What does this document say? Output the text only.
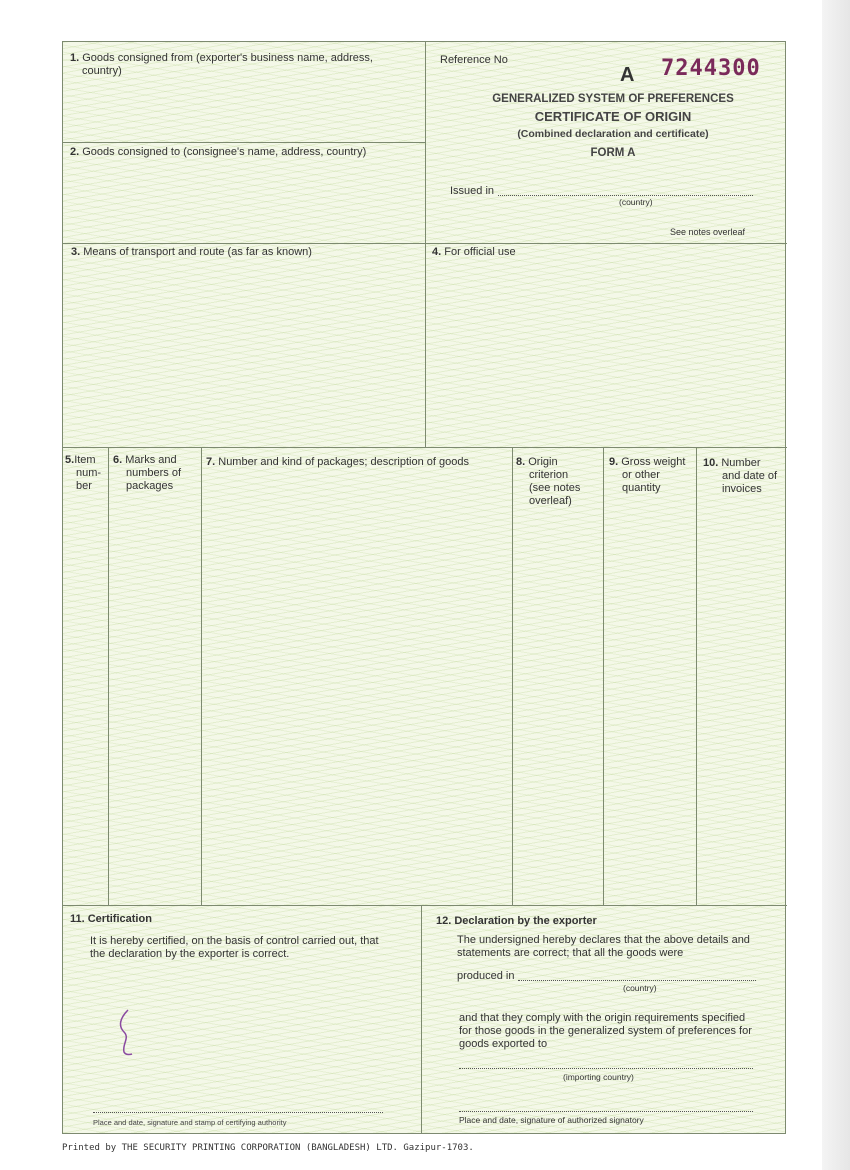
1. Goods consigned from (exporter's business name, address,
country)
2. Goods consigned to (consignee's name, address, country)
Reference No
A 7244300
GENERALIZED SYSTEM OF PREFERENCES
CERTIFICATE OF ORIGIN
(Combined declaration and certificate)
FORM A
Issued in
(country)
See notes overleaf
3. Means of transport and route (as far as known)	4. For official use
5.Item
num-
ber
6. Marks and
numbers of
packages
7. Number and kind of packages; description of goods	8. Origin
criterion
(see notes
overleaf)
9. Gross weight
or other
quantity
10. Number
and date of
invoices
11. Certification
It is hereby certified, on the basis of control carried out, that
the declaration by the exporter is correct.
Place and date, signature and stamp of certifying authority
12. Declaration by the exporter
The undersigned hereby declares that the above details and
statements are correct; that all the goods were
produced in
(country)
and that they comply with the origin requirements specified
for those goods in the generalized system of preferences for
goods exported to
(importing country)
Place and date, signature of authorized signatory
Printed by THE SECURITY PRINTING CORPORATION (BANGLADESH) LTD. Gazipur-1703.
